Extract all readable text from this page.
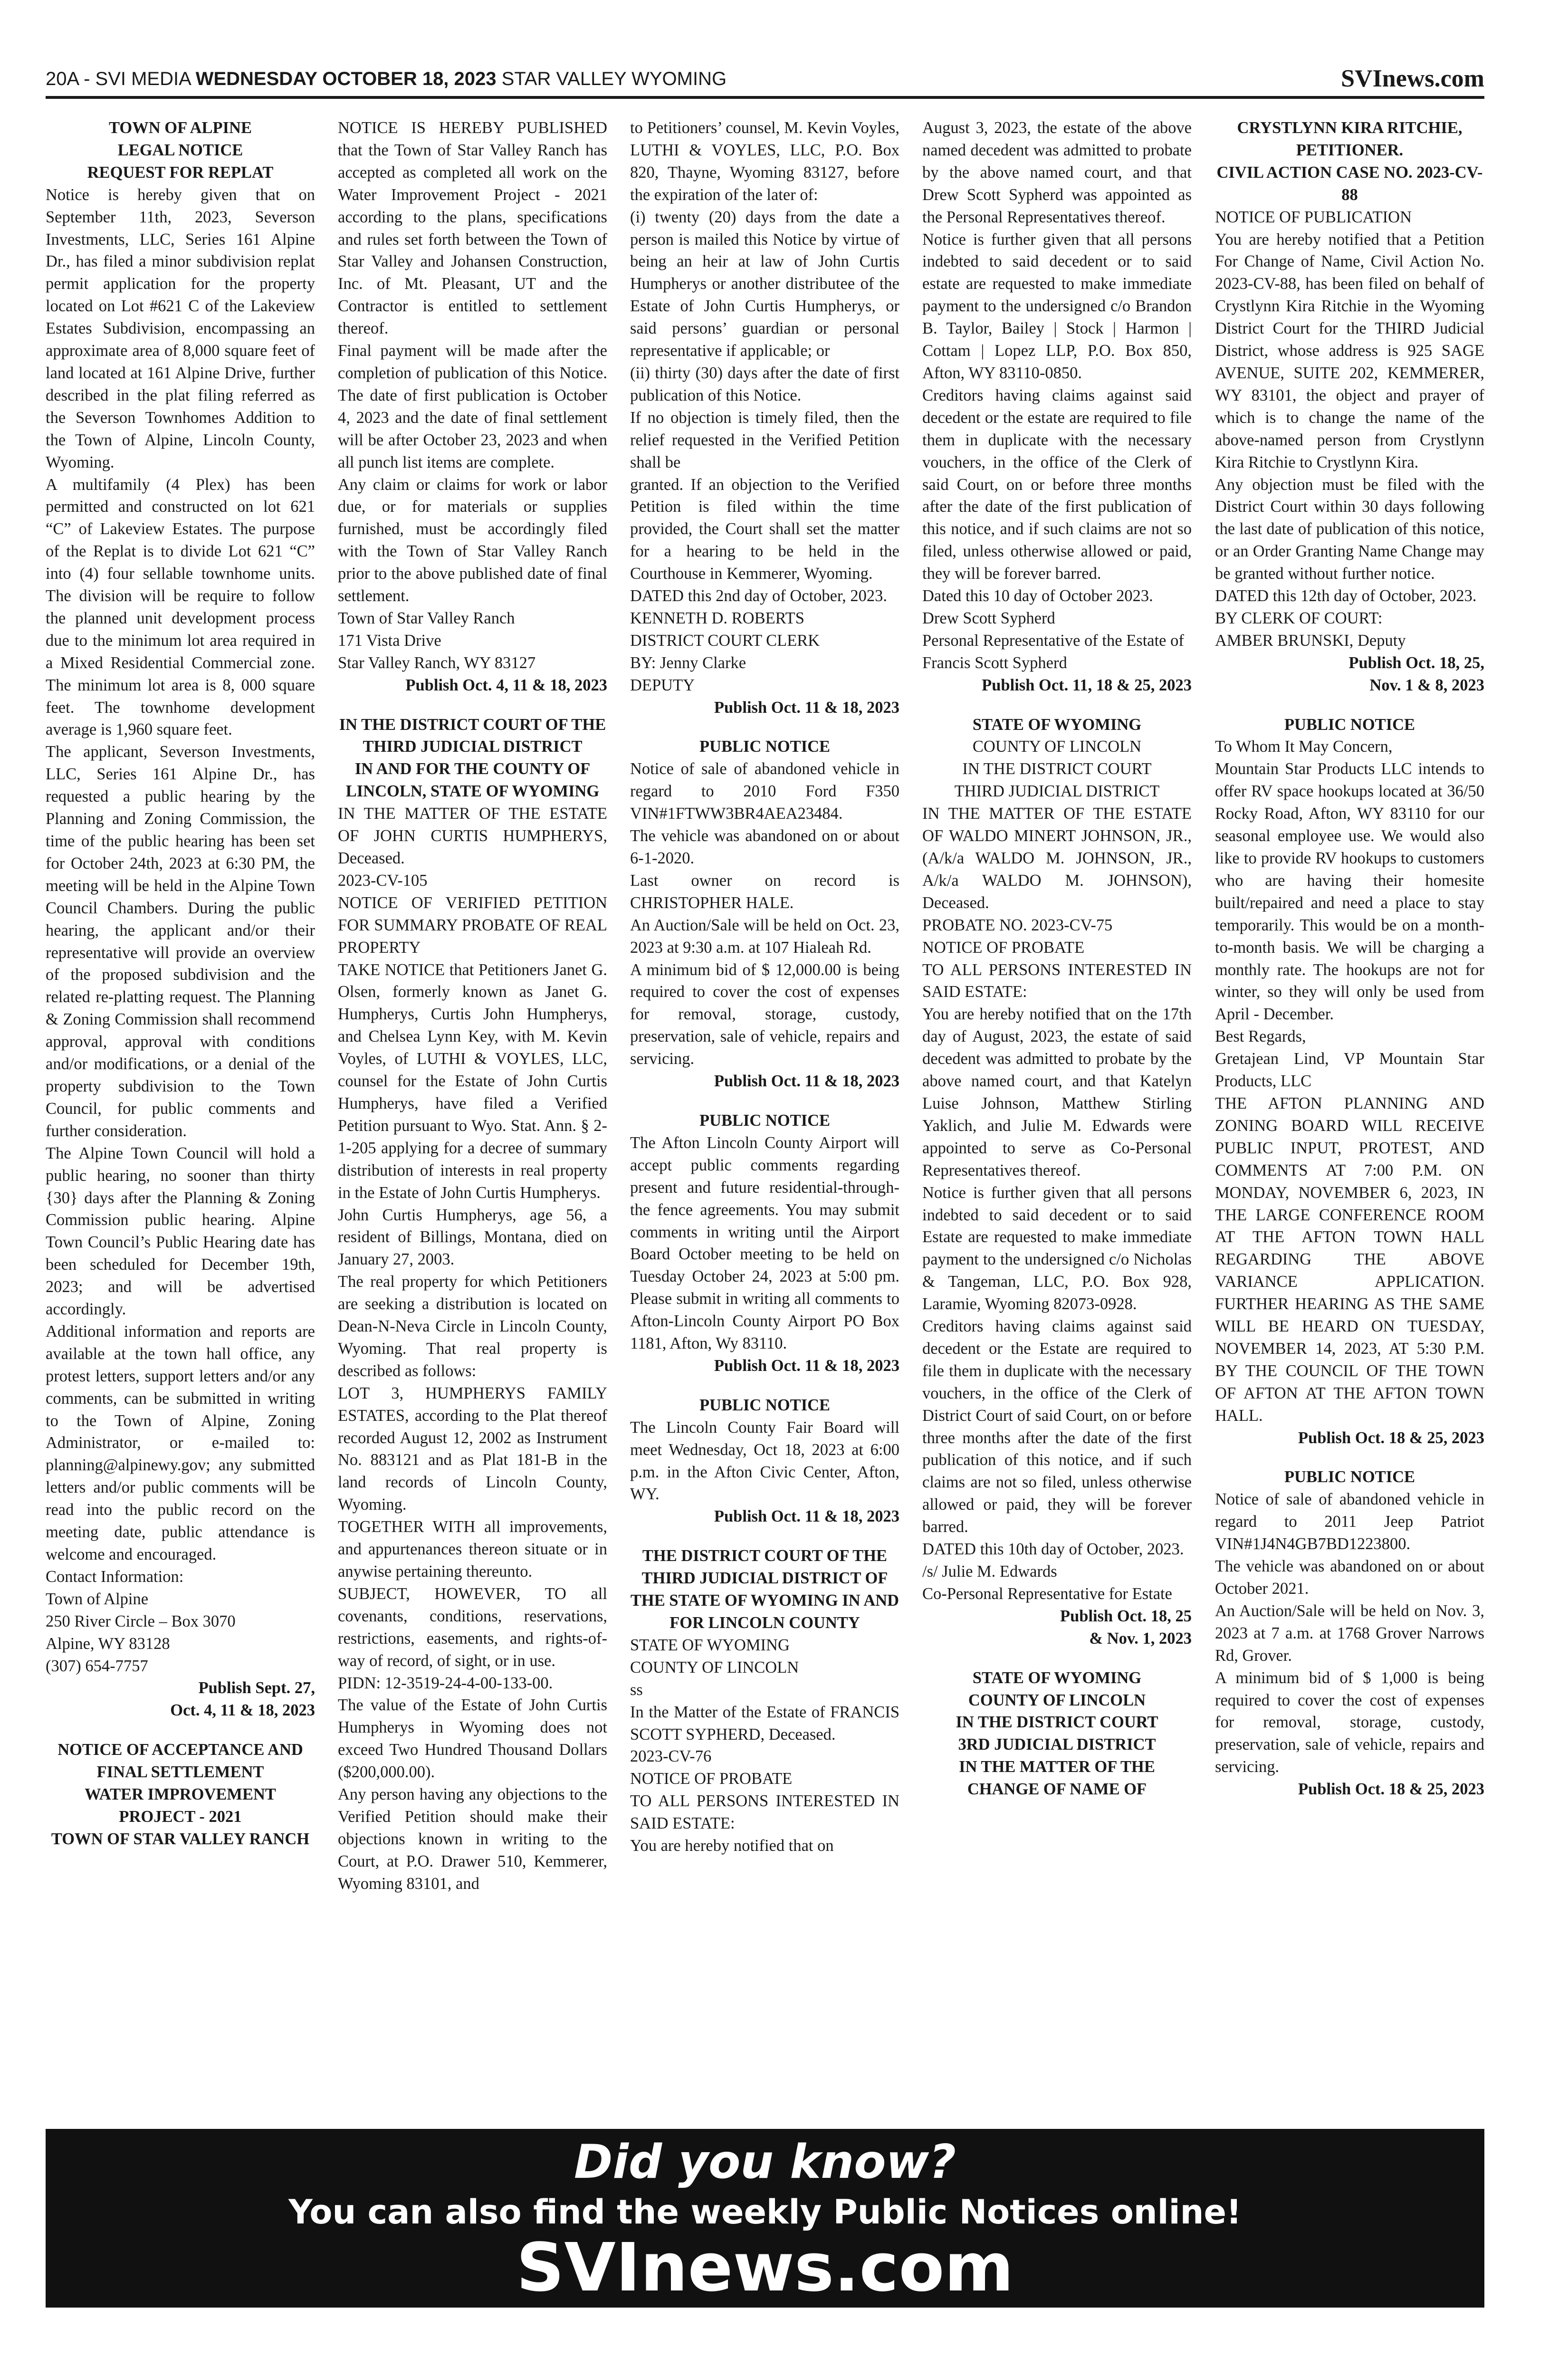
20A - SVI MEDIA WEDNESDAY OCTOBER 18, 2023 STAR VALLEY WYOMING	SVInews.com

TOWN OF ALPINE
LEGAL NOTICE
REQUEST FOR REPLAT

Notice is hereby given that on September 11th, 2023, Severson Investments, LLC, Series 161 Alpine Dr., has filed a minor subdivision replat permit application for the property located on Lot #621 C of the Lakeview Estates Subdivision, encompassing an approximate area of 8,000 square feet of land located at 161 Alpine Drive, further described in the plat filing referred as the Severson Townhomes Addition to the Town of Alpine, Lincoln County, Wyoming.

A multifamily (4 Plex) has been permitted and constructed on lot 621 “C” of Lakeview Estates. The purpose of the Replat is to divide Lot 621 “C” into (4) four sellable townhome units. The division will be require to follow the planned unit development process due to the minimum lot area required in a Mixed Residential Commercial zone. The minimum lot area is 8, 000 square feet. The townhome development average is 1,960 square feet.

The applicant, Severson Investments, LLC, Series 161 Alpine Dr., has requested a public hearing by the Planning and Zoning Commission, the time of the public hearing has been set for October 24th, 2023 at 6:30 PM, the meeting will be held in the Alpine Town Council Chambers. During the public hearing, the applicant and/or their representative will provide an overview of the proposed subdivision and the related re-platting request. The Planning & Zoning Commission shall recommend approval, approval with conditions and/or modifications, or a denial of the property subdivision to the Town Council, for public comments and further consideration.

The Alpine Town Council will hold a public hearing, no sooner than thirty {30} days after the Planning & Zoning Commission public hearing. Alpine Town Council’s Public Hearing date has been scheduled for December 19th, 2023; and will be advertised accordingly.

Additional information and reports are available at the town hall office, any protest letters, support letters and/or any comments, can be submitted in writing to the Town of Alpine, Zoning Administrator, or e-mailed to: planning@alpinewy.gov; any submitted letters and/or public comments will be read into the public record on the meeting date, public attendance is welcome and encouraged.

Contact Information:
Town of Alpine
250 River Circle – Box 3070
Alpine, WY 83128
(307) 654-7757

Publish Sept. 27,
Oct. 4, 11 & 18, 2023

NOTICE OF ACCEPTANCE AND FINAL SETTLEMENT
WATER IMPROVEMENT PROJECT - 2021
TOWN OF STAR VALLEY RANCH

NOTICE IS HEREBY PUBLISHED that the Town of Star Valley Ranch has accepted as completed all work on the Water Improvement Project - 2021 according to the plans, specifications and rules set forth between the Town of Star Valley and Johansen Construction, Inc. of Mt. Pleasant, UT and the Contractor is entitled to settlement thereof.

Final payment will be made after the completion of publication of this Notice. The date of first publication is October 4, 2023 and the date of final settlement will be after October 23, 2023 and when all punch list items are complete.

Any claim or claims for work or labor due, or for materials or supplies furnished, must be accordingly filed with the Town of Star Valley Ranch prior to the above published date of final settlement.

Town of Star Valley Ranch
171 Vista Drive
Star Valley Ranch, WY 83127

Publish Oct. 4, 11 & 18, 2023

IN THE DISTRICT COURT OF THE THIRD JUDICIAL DISTRICT
IN AND FOR THE COUNTY OF LINCOLN, STATE OF WYOMING

IN THE MATTER OF THE ESTATE OF JOHN CURTIS HUMPHERYS, Deceased.
2023-CV-105
NOTICE OF VERIFIED PETITION FOR SUMMARY PROBATE OF REAL PROPERTY

TAKE NOTICE that Petitioners Janet G. Olsen, formerly known as Janet G. Humpherys, Curtis John Humpherys, and Chelsea Lynn Key, with M. Kevin Voyles, of LUTHI & VOYLES, LLC, counsel for the Estate of John Curtis Humpherys, have filed a Verified Petition pursuant to Wyo. Stat. Ann. § 2-1-205 applying for a decree of summary distribution of interests in real property in the Estate of John Curtis Humpherys.

John Curtis Humpherys, age 56, a resident of Billings, Montana, died on January 27, 2003.

The real property for which Petitioners are seeking a distribution is located on Dean-N-Neva Circle in Lincoln County, Wyoming. That real property is described as follows:

LOT 3, HUMPHERYS FAMILY ESTATES, according to the Plat thereof recorded August 12, 2002 as Instrument No. 883121 and as Plat 181-B in the land records of Lincoln County, Wyoming.

TOGETHER WITH all improvements, and appurtenances thereon situate or in anywise pertaining thereunto.

SUBJECT, HOWEVER, TO all covenants, conditions, reservations, restrictions, easements, and rights-of-way of record, of sight, or in use.

PIDN: 12-3519-24-4-00-133-00.

The value of the Estate of John Curtis Humpherys in Wyoming does not exceed Two Hundred Thousand Dollars ($200,000.00).

Any person having any objections to the Verified Petition should make their objections known in writing to the Court, at P.O. Drawer 510, Kemmerer, Wyoming 83101, and

to Petitioners’ counsel, M. Kevin Voyles, LUTHI & VOYLES, LLC, P.O. Box 820, Thayne, Wyoming 83127, before the expiration of the later of:

(i) twenty (20) days from the date a person is mailed this Notice by virtue of being an heir at law of John Curtis Humpherys or another distributee of the Estate of John Curtis Humpherys, or said persons’ guardian or personal representative if applicable; or

(ii) thirty (30) days after the date of first publication of this Notice.

If no objection is timely filed, then the relief requested in the Verified Petition shall be

granted. If an objection to the Verified Petition is filed within the time provided, the Court shall set the matter for a hearing to be held in the Courthouse in Kemmerer, Wyoming.

DATED this 2nd day of October, 2023.

KENNETH D. ROBERTS
DISTRICT COURT CLERK
BY: Jenny Clarke
DEPUTY

Publish Oct. 11 & 18, 2023

PUBLIC NOTICE

Notice of sale of abandoned vehicle in regard to 2010 Ford F350 VIN#1FTWW3BR4AEA23484.

The vehicle was abandoned on or about 6-1-2020.

Last owner on record is CHRISTOPHER HALE.

An Auction/Sale will be held on Oct. 23, 2023 at 9:30 a.m. at 107 Hialeah Rd.

A minimum bid of $ 12,000.00 is being required to cover the cost of expenses for removal, storage, custody, preservation, sale of vehicle, repairs and servicing.

Publish Oct. 11 & 18, 2023

PUBLIC NOTICE

The Afton Lincoln County Airport will accept public comments regarding present and future residential-through-the fence agreements. You may submit comments in writing until the Airport Board October meeting to be held on Tuesday October 24, 2023 at 5:00 pm. Please submit in writing all comments to Afton-Lincoln County Airport PO Box 1181, Afton, Wy 83110.

Publish Oct. 11 & 18, 2023

PUBLIC NOTICE

The Lincoln County Fair Board will meet Wednesday, Oct 18, 2023 at 6:00 p.m. in the Afton Civic Center, Afton, WY.

Publish Oct. 11 & 18, 2023

THE DISTRICT COURT OF THE THIRD JUDICIAL DISTRICT OF THE STATE OF WYOMING IN AND FOR LINCOLN COUNTY

STATE OF WYOMING
COUNTY OF LINCOLN
ss

In the Matter of the Estate of FRANCIS SCOTT SYPHERD, Deceased.
2023-CV-76
NOTICE OF PROBATE
TO ALL PERSONS INTERESTED IN SAID ESTATE:

You are hereby notified that on

August 3, 2023, the estate of the above named decedent was admitted to probate by the above named court, and that Drew Scott Sypherd was appointed as the Personal Representatives thereof.

Notice is further given that all persons indebted to said decedent or to said estate are requested to make immediate payment to the undersigned c/o Brandon B. Taylor, Bailey | Stock | Harmon | Cottam | Lopez LLP, P.O. Box 850, Afton, WY 83110-0850.

Creditors having claims against said decedent or the estate are required to file them in duplicate with the necessary vouchers, in the office of the Clerk of said Court, on or before three months after the date of the first publication of this notice, and if such claims are not so filed, unless otherwise allowed or paid, they will be forever barred.

Dated this 10 day of October 2023.
Drew Scott Sypherd
Personal Representative of the Estate of
Francis Scott Sypherd

Publish Oct. 11, 18 & 25, 2023

STATE OF WYOMING

COUNTY OF LINCOLN
IN THE DISTRICT COURT
THIRD JUDICIAL DISTRICT

IN THE MATTER OF THE ESTATE OF WALDO MINERT JOHNSON, JR., (A/k/a WALDO M. JOHNSON, JR., A/k/a WALDO M. JOHNSON), Deceased.

PROBATE NO. 2023-CV-75
NOTICE OF PROBATE
TO ALL PERSONS INTERESTED IN SAID ESTATE:

You are hereby notified that on the 17th day of August, 2023, the estate of said decedent was admitted to probate by the above named court, and that Katelyn Luise Johnson, Matthew Stirling Yaklich, and Julie M. Edwards were appointed to serve as Co-Personal Representatives thereof.

Notice is further given that all persons indebted to said decedent or to said Estate are requested to make immediate payment to the undersigned c/o Nicholas & Tangeman, LLC, P.O. Box 928, Laramie, Wyoming 82073-0928.

Creditors having claims against said decedent or the Estate are required to file them in duplicate with the necessary vouchers, in the office of the Clerk of District Court of said Court, on or before three months after the date of the first publication of this notice, and if such claims are not so filed, unless otherwise allowed or paid, they will be forever barred.

DATED this 10th day of October, 2023.
/s/ Julie M. Edwards
Co-Personal Representative for Estate

Publish Oct. 18, 25
& Nov. 1, 2023

STATE OF WYOMING
COUNTY OF LINCOLN
IN THE DISTRICT COURT
3RD JUDICIAL DISTRICT
IN THE MATTER OF THE CHANGE OF NAME OF

CRYSTLYNN KIRA RITCHIE, PETITIONER.

CIVIL ACTION CASE NO. 2023-CV-88

NOTICE OF PUBLICATION

You are hereby notified that a Petition For Change of Name, Civil Action No. 2023-CV-88, has been filed on behalf of Crystlynn Kira Ritchie in the Wyoming District Court for the THIRD Judicial District, whose address is 925 SAGE AVENUE, SUITE 202, KEMMERER, WY 83101, the object and prayer of which is to change the name of the above-named person from Crystlynn Kira Ritchie to Crystlynn Kira.

Any objection must be filed with the District Court within 30 days following the last date of publication of this notice, or an Order Granting Name Change may be granted without further notice.

DATED this 12th day of October, 2023.

BY CLERK OF COURT:
AMBER BRUNSKI, Deputy

Publish Oct. 18, 25,
Nov. 1 & 8, 2023

PUBLIC NOTICE

To Whom It May Concern,

Mountain Star Products LLC intends to offer RV space hookups located at 36/50 Rocky Road, Afton, WY 83110 for our seasonal employee use. We would also like to provide RV hookups to customers who are having their homesite built/repaired and need a place to stay temporarily. This would be on a month-to-month basis. We will be charging a monthly rate. The hookups are not for winter, so they will only be used from April - December.

Best Regards,
Gretajean Lind, VP Mountain Star Products, LLC

THE AFTON PLANNING AND ZONING BOARD WILL RECEIVE PUBLIC INPUT, PROTEST, AND COMMENTS AT 7:00 P.M. ON MONDAY, NOVEMBER 6, 2023, IN THE LARGE CONFERENCE ROOM AT THE AFTON TOWN HALL REGARDING THE ABOVE VARIANCE APPLICATION. FURTHER HEARING AS THE SAME WILL BE HEARD ON TUESDAY, NOVEMBER 14, 2023, AT 5:30 P.M. BY THE COUNCIL OF THE TOWN OF AFTON AT THE AFTON TOWN HALL.

Publish Oct. 18 & 25, 2023

PUBLIC NOTICE

Notice of sale of abandoned vehicle in regard to 2011 Jeep Patriot VIN#1J4N4GB7BD1223800.

The vehicle was abandoned on or about October 2021.

An Auction/Sale will be held on Nov. 3, 2023 at 7 a.m. at 1768 Grover Narrows Rd, Grover.

A minimum bid of $ 1,000 is being required to cover the cost of expenses for removal, storage, custody, preservation, sale of vehicle, repairs and servicing.

Publish Oct. 18 & 25, 2023

Did you know?
You can also find the weekly Public Notices online!
SVInews.com
